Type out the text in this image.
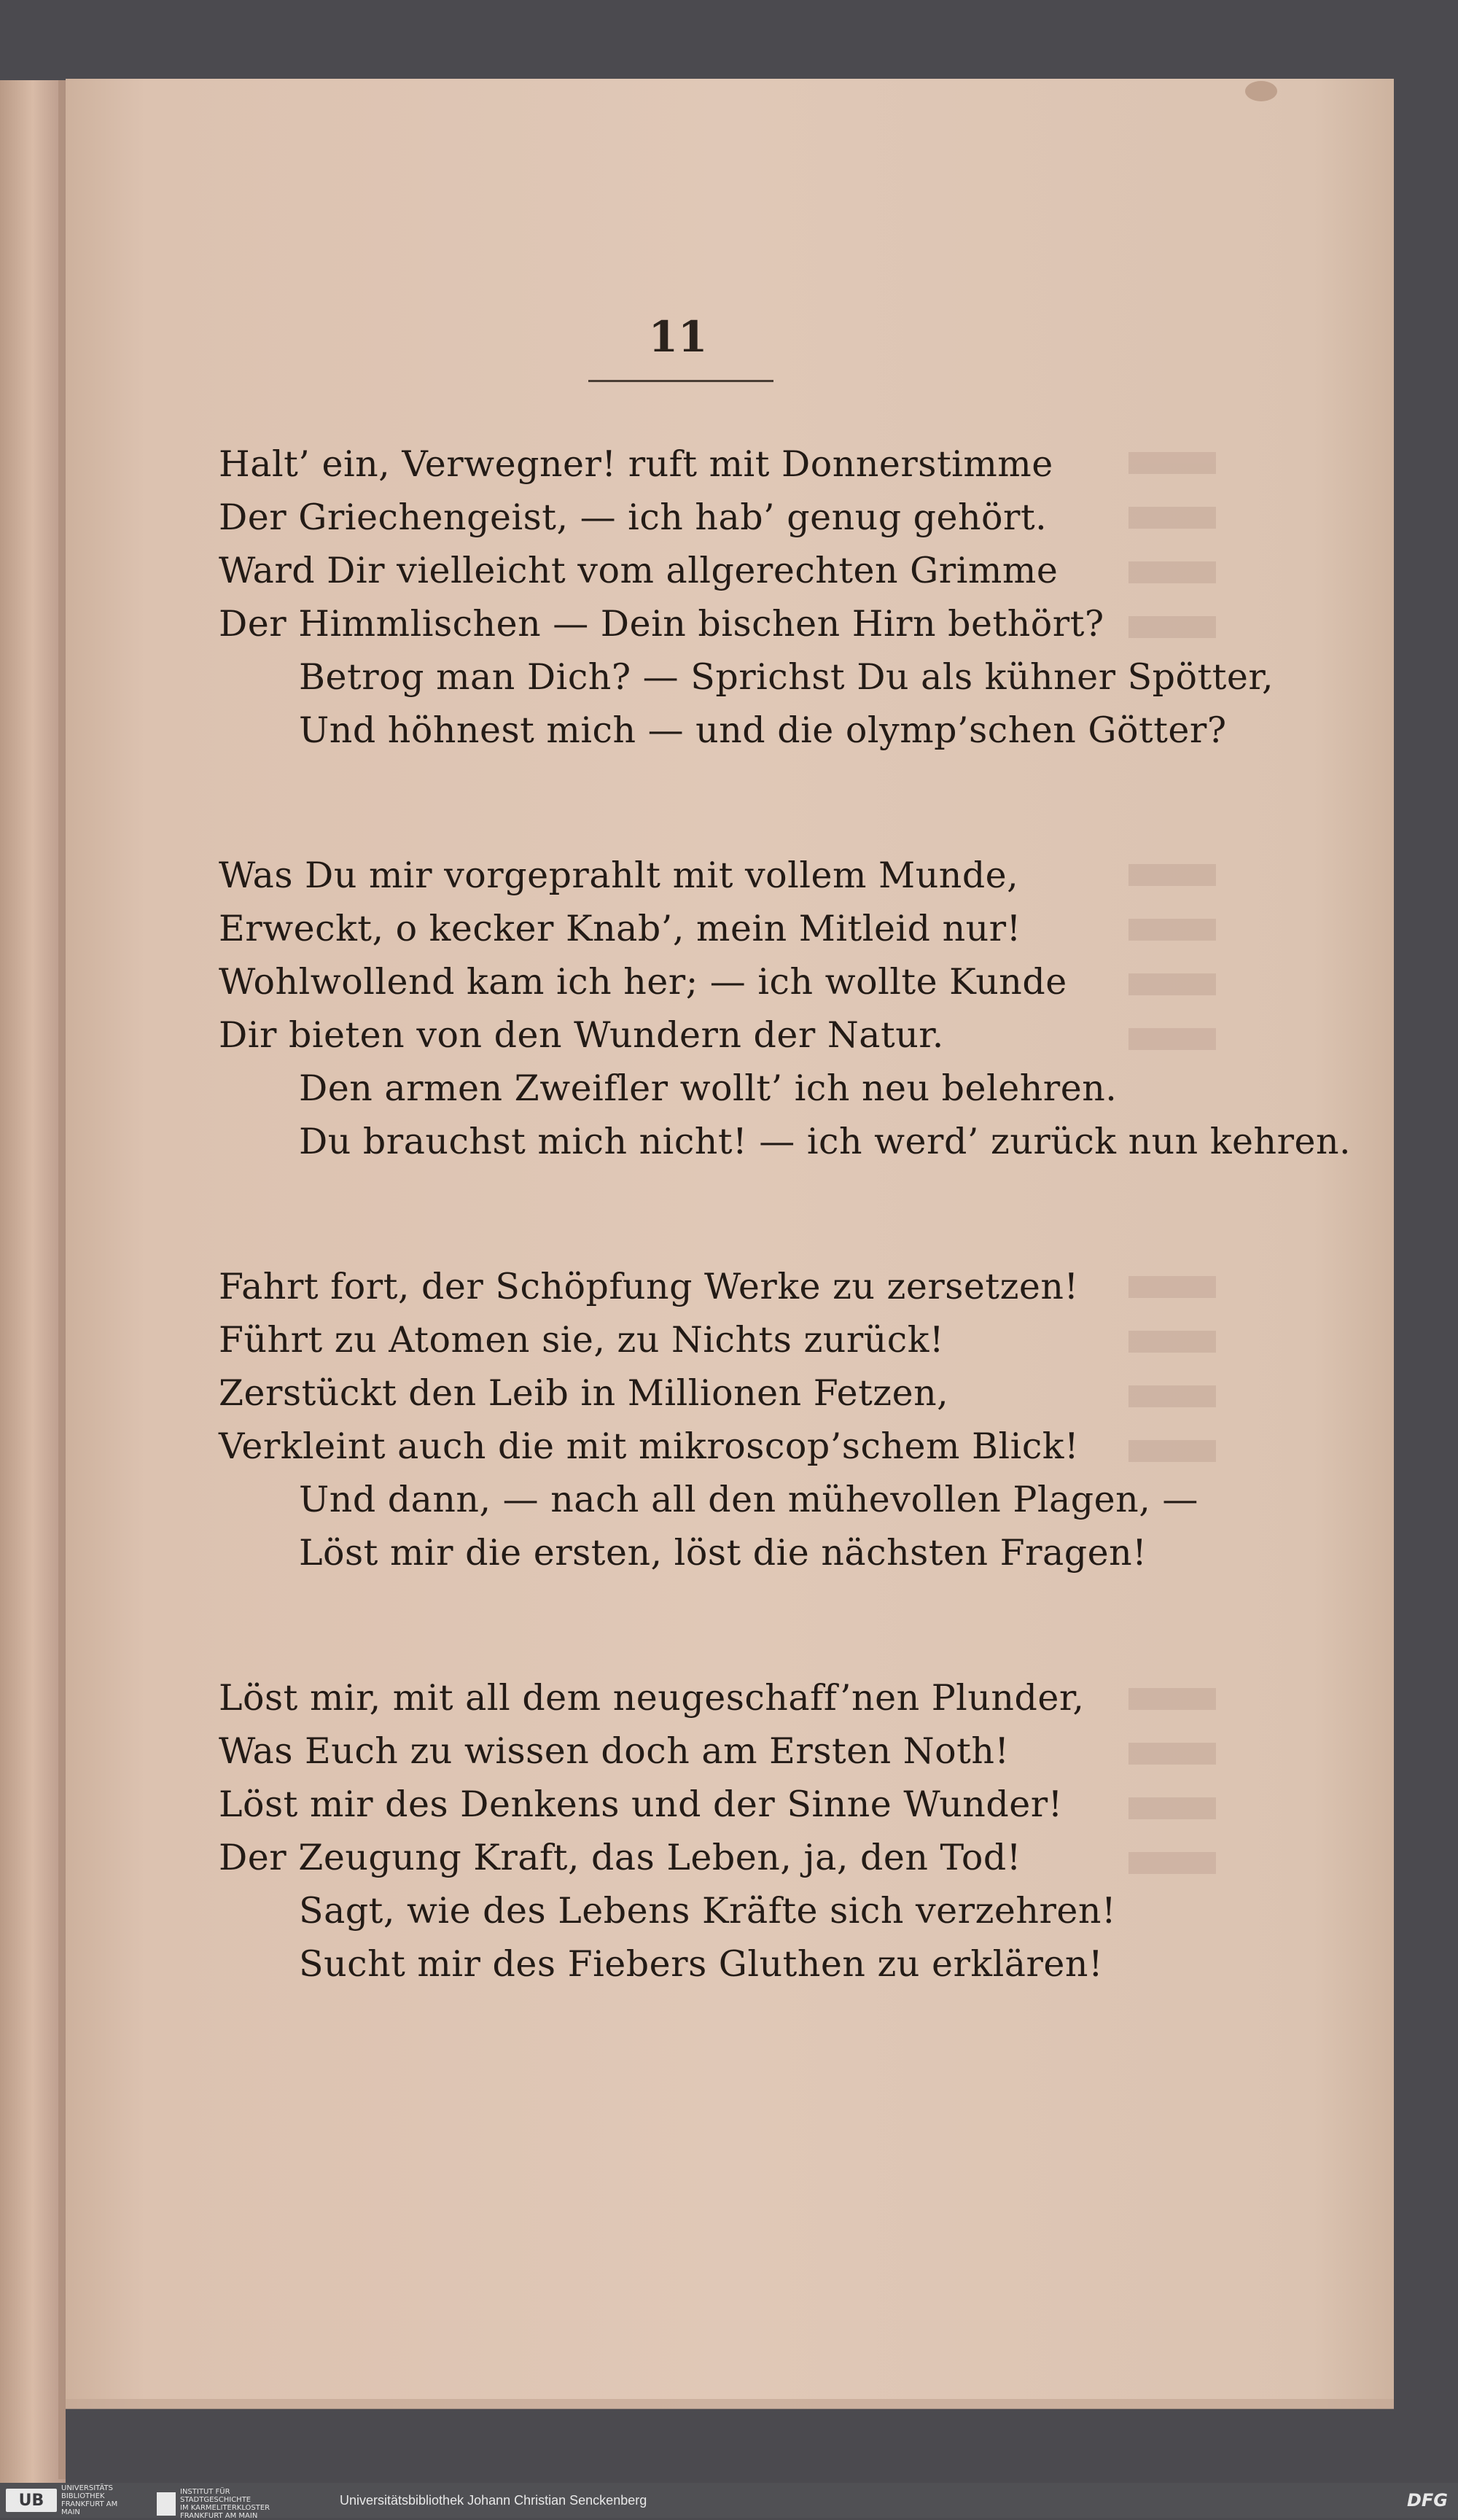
11
Halt’ ein, Verwegner! ruft mit Donnerstimme
Der Griechengeist, — ich hab’ genug gehört.
Ward Dir vielleicht vom allgerechten Grimme
Der Himmlischen — Dein bischen Hirn bethört?
Betrog man Dich? — Sprichst Du als kühner Spötter,
Und höhnest mich — und die olymp’schen Götter?
Was Du mir vorgeprahlt mit vollem Munde,
Erweckt, o kecker Knab’, mein Mitleid nur!
Wohlwollend kam ich her; — ich wollte Kunde
Dir bieten von den Wundern der Natur.
Den armen Zweifler wollt’ ich neu belehren.
Du brauchst mich nicht! — ich werd’ zurück nun kehren.
Fahrt fort, der Schöpfung Werke zu zersetzen!
Führt zu Atomen sie, zu Nichts zurück!
Zerstückt den Leib in Millionen Fetzen,
Verkleint auch die mit mikroscop’schem Blick!
Und dann, — nach all den mühevollen Plagen, —
Löst mir die ersten, löst die nächsten Fragen!
Löst mir, mit all dem neugeschaff’nen Plunder,
Was Euch zu wissen doch am Ersten Noth!
Löst mir des Denkens und der Sinne Wunder!
Der Zeugung Kraft, das Leben, ja, den Tod!
Sagt, wie des Lebens Kräfte sich verzehren!
Sucht mir des Fiebers Gluthen zu erklären!
UB
UNIVERSITÄTS
BIBLIOTHEK
FRANKFURT AM MAIN
INSTITUT FÜR
STADTGESCHICHTE
IM KARMELITERKLOSTER
FRANKFURT AM MAIN
Universitätsbibliothek Johann Christian Senckenberg	DFG
